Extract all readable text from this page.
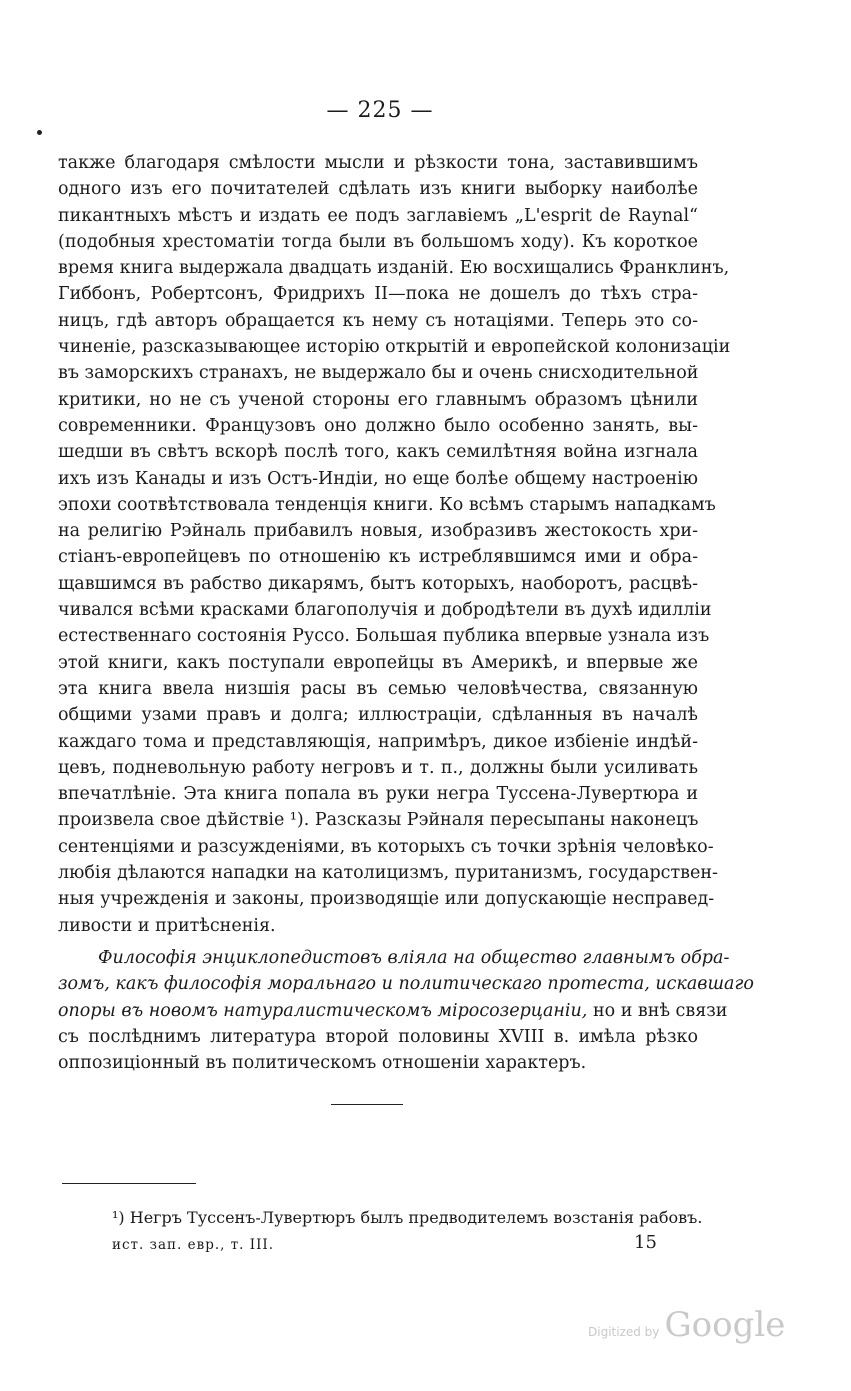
— 225 —
также благодаря смѣлости мысли и рѣзкости тона, заставившимъ
одного изъ его почитателей сдѣлать изъ книги выборку наиболѣе
пикантныхъ мѣстъ и издать ее подъ заглавіемъ „L'esprit de Raynal“
(подобныя хрестоматіи тогда были въ большомъ ходу). Къ короткое
время книга выдержала двадцать изданій. Ею восхищались Франклинъ,
Гиббонъ, Робертсонъ, Фридрихъ II—пока не дошелъ до тѣхъ стра-
ницъ, гдѣ авторъ обращается къ нему съ нотаціями. Теперь это со-
чиненіе, разсказывающее исторію открытій и европейской колонизаціи
въ заморскихъ странахъ, не выдержало бы и очень снисходительной
критики, но не съ ученой стороны его главнымъ образомъ цѣнили
современники. Французовъ оно должно было особенно занять, вы-
шедши въ свѣтъ вскорѣ послѣ того, какъ семилѣтняя война изгнала
ихъ изъ Канады и изъ Остъ-Индіи, но еще болѣе общему настроенію
эпохи соотвѣтствовала тенденція книги. Ко всѣмъ старымъ нападкамъ
на религію Рэйналь прибавилъ новыя, изобразивъ жестокость хри-
стіанъ-европейцевъ по отношенію къ истреблявшимся ими и обра-
щавшимся въ рабство дикарямъ, бытъ которыхъ, наоборотъ, расцвѣ-
чивался всѣми красками благополучія и добродѣтели въ духѣ идилліи
естественнаго состоянія Руссо. Большая публика впервые узнала изъ
этой книги, какъ поступали европейцы въ Америкѣ, и впервые же
эта книга ввела низшія расы въ семью человѣчества, связанную
общими узами правъ и долга; иллюстраціи, сдѣланныя въ началѣ
каждаго тома и представляющія, напримѣръ, дикое избіеніе индѣй-
цевъ, подневольную работу негровъ и т. п., должны были усиливать
впечатлѣніе. Эта книга попала въ руки негра Туссена-Лувертюра и
произвела свое дѣйствіе ¹). Разсказы Рэйналя пересыпаны наконецъ
сентенціями и разсужденіями, въ которыхъ съ точки зрѣнія человѣко-
любія дѣлаются нападки на католицизмъ, пуританизмъ, государствен-
ныя учрежденія и законы, производящіе или допускающіе несправед-
ливости и притѣсненія.
Философія энциклопедистовъ вліяла на общество главнымъ обра-
зомъ, какъ философія моральнаго и политическаго протеста, искавшаго
опоры въ новомъ натуралистическомъ міросозерцаніи, но и внѣ связи
съ послѣднимъ литература второй половины XVIII в. имѣла рѣзко
оппозиціонный въ политическомъ отношеніи характеръ.
¹) Негръ Туссенъ-Лувертюръ былъ предводителемъ возстанія рабовъ.
ист. зап. евр., т. III.	15
Digitized by Google
